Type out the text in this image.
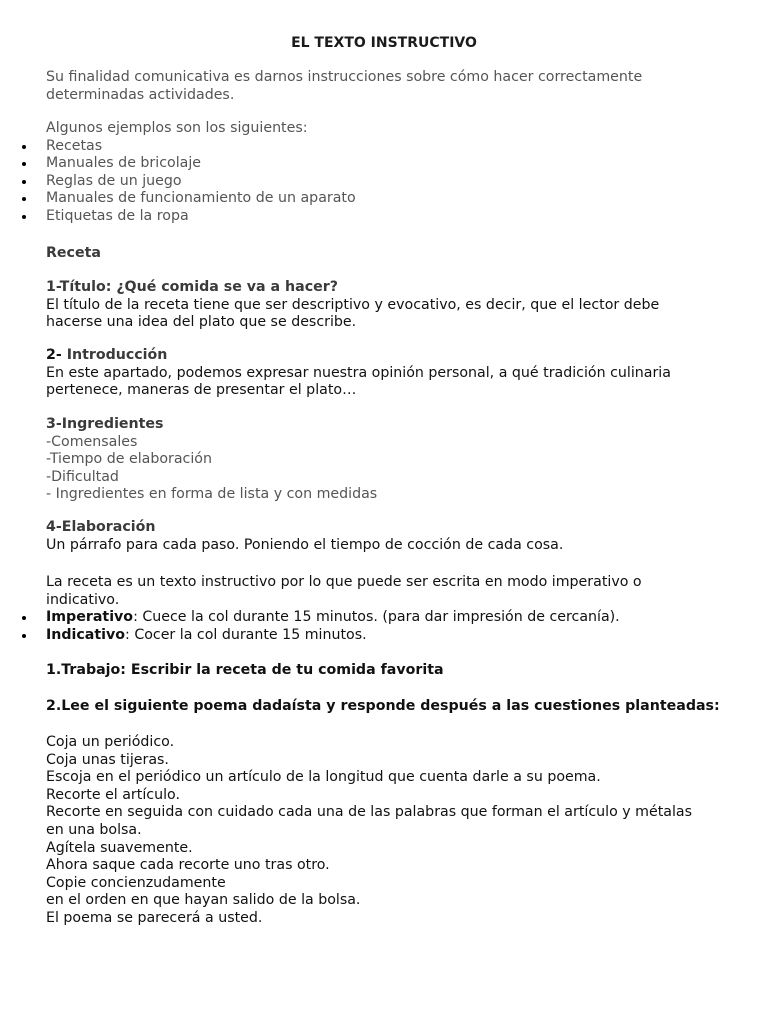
EL TEXTO INSTRUCTIVO

Su finalidad comunicativa es darnos instrucciones sobre cómo hacer correctamente

determinadas actividades.

Algunos ejemplos son los siguientes:

Recetas
Manuales de bricolaje
Reglas de un juego
Manuales de funcionamiento de un aparato
Etiquetas de la ropa
Receta

1-Título: ¿Qué comida se va a hacer?

El título de la receta tiene que ser descriptivo y evocativo, es decir, que el lector debe

hacerse una idea del plato que se describe.

2- Introducción

En este apartado, podemos expresar nuestra opinión personal, a qué tradición culinaria

pertenece, maneras de presentar el plato…

3-Ingredientes

-Comensales

-Tiempo de elaboración

-Dificultad

- Ingredientes en forma de lista y con medidas

4-Elaboración

Un párrafo para cada paso. Poniendo el tiempo de cocción de cada cosa.

La receta es un texto instructivo por lo que puede ser escrita en modo imperativo o

indicativo.

Imperativo: Cuece la col durante 15 minutos. (para dar impresión de cercanía).
Indicativo: Cocer la col durante 15 minutos.
1.Trabajo: Escribir la receta de tu comida favorita
2.Lee el siguiente poema dadaísta y responde después a las cuestiones planteadas:

Coja un periódico.

Coja unas tijeras.

Escoja en el periódico un artículo de la longitud que cuenta darle a su poema.

Recorte el artículo.

Recorte en seguida con cuidado cada una de las palabras que forman el artículo y métalas

en una bolsa.

Agítela suavemente.

Ahora saque cada recorte uno tras otro.

Copie concienzudamente

en el orden en que hayan salido de la bolsa.

El poema se parecerá a usted.
